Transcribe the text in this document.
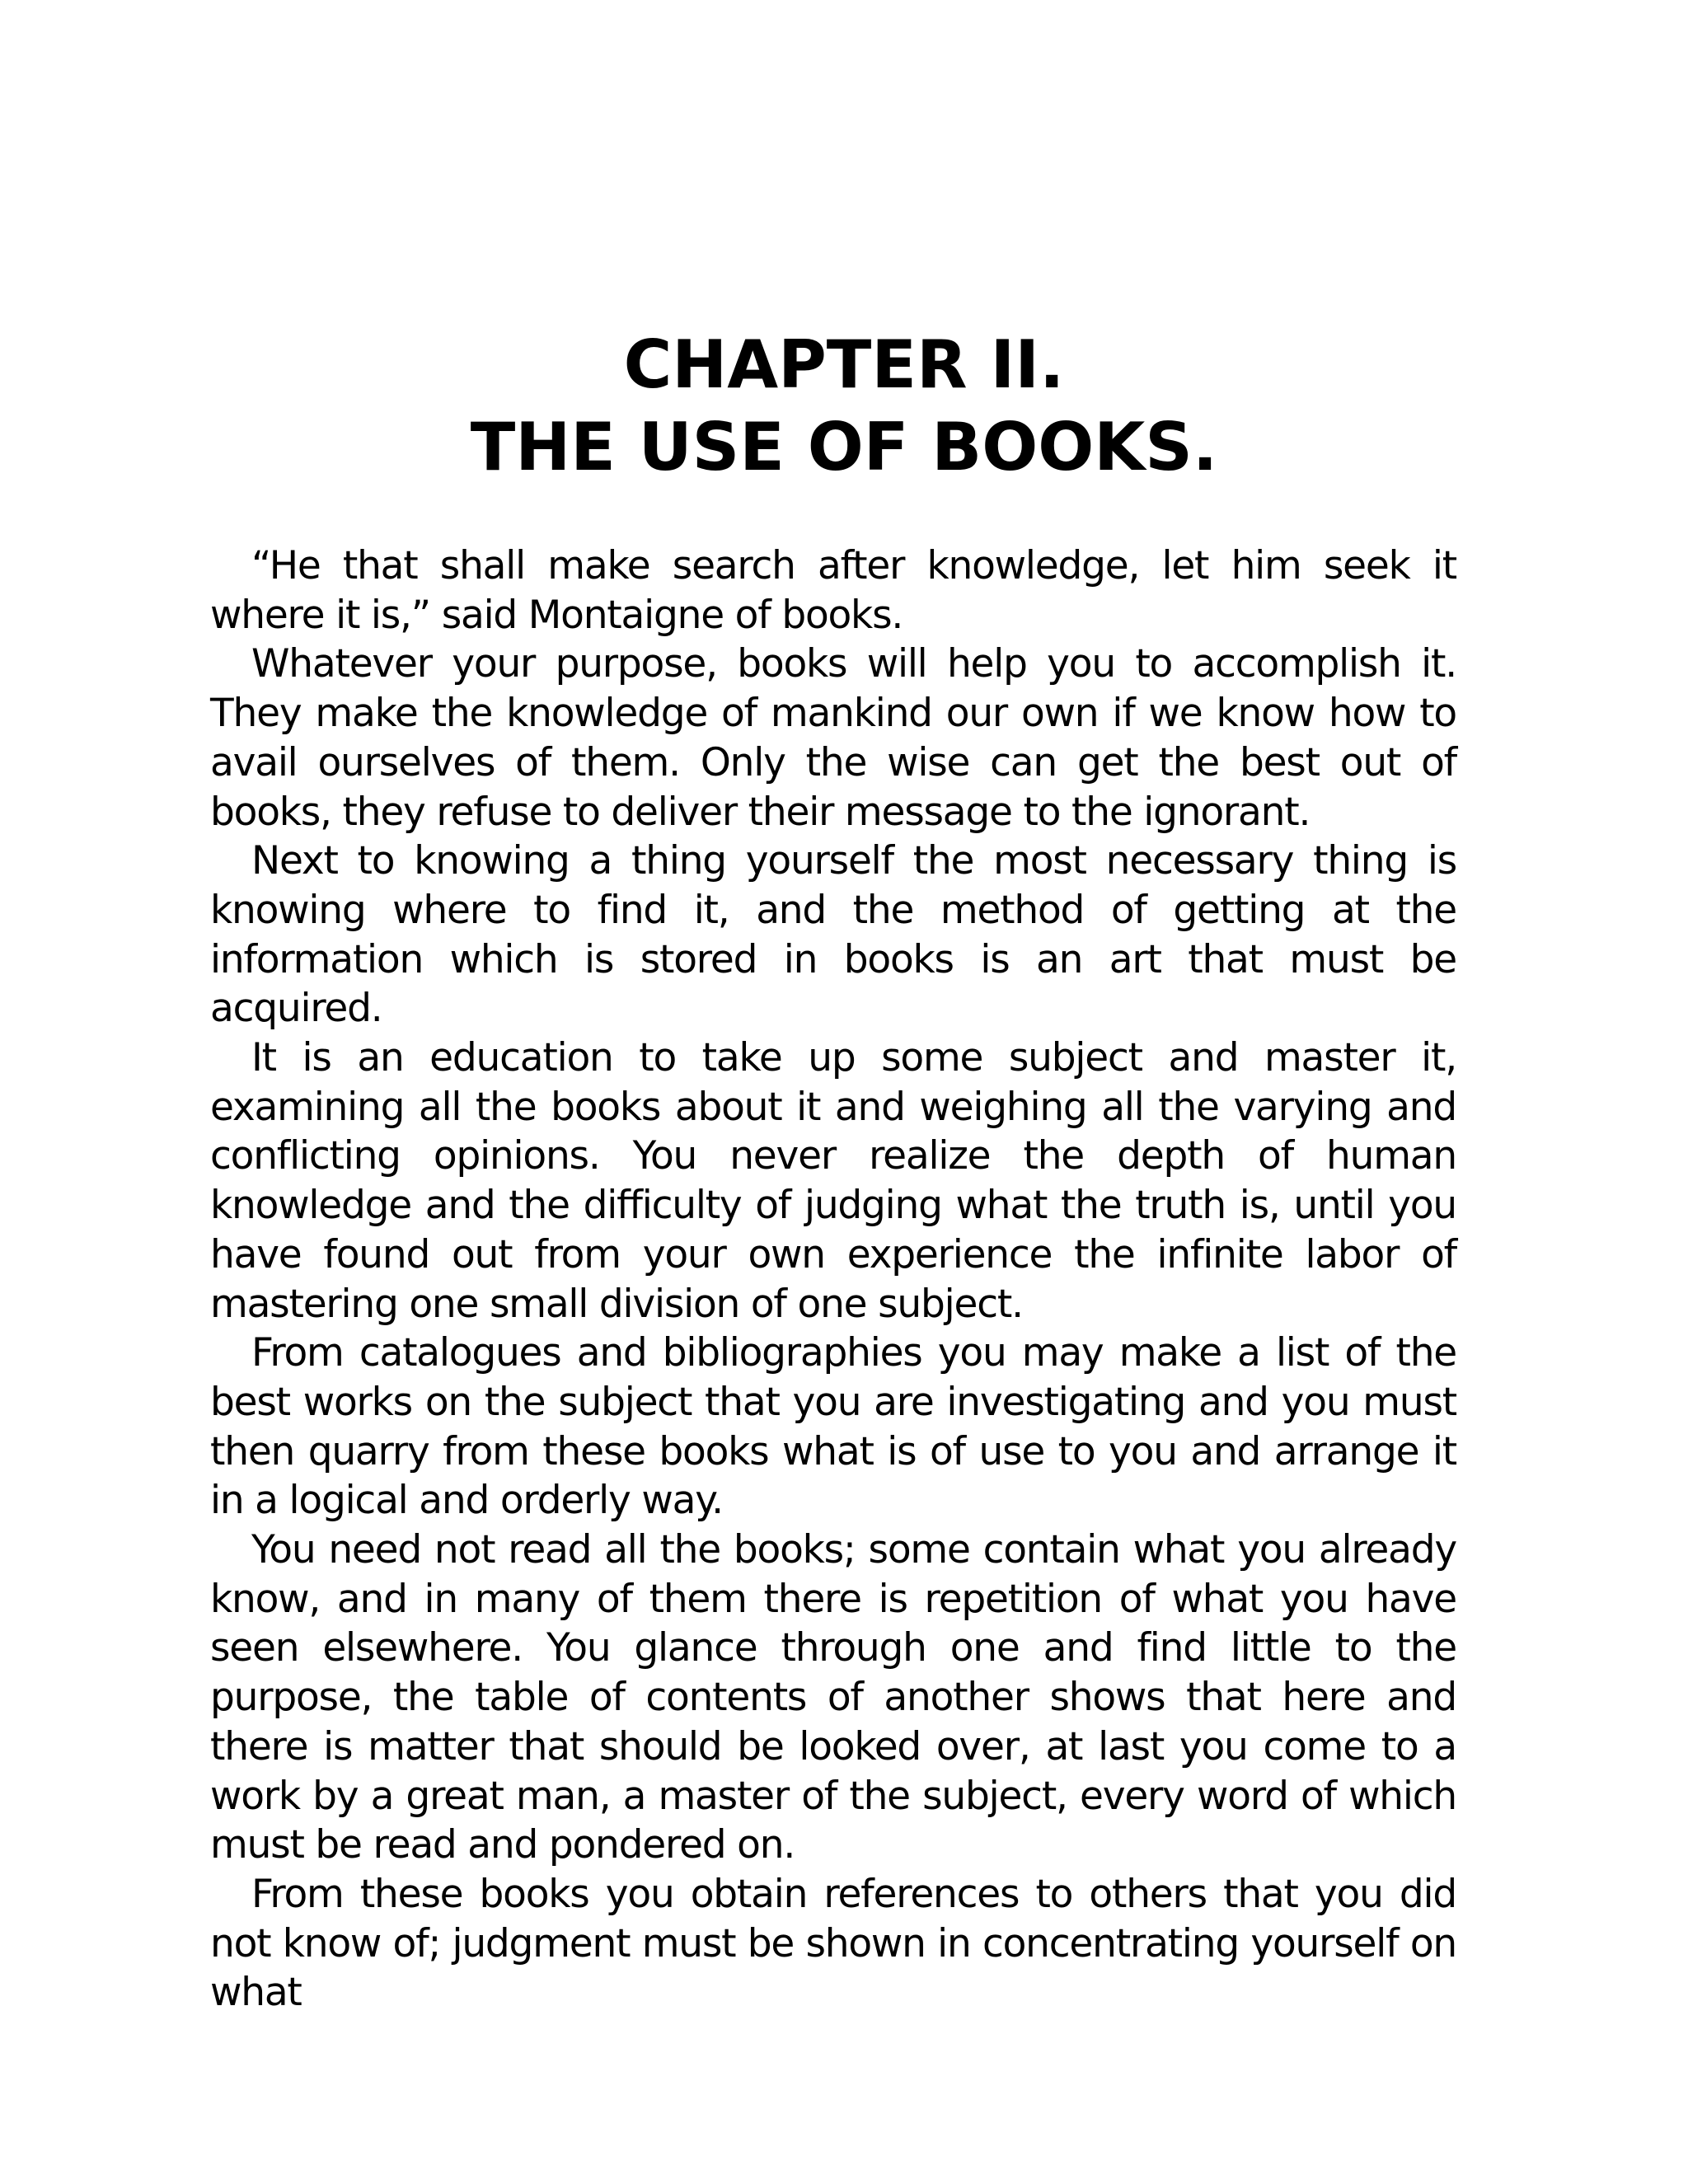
CHAPTER II.
THE USE OF BOOKS.

“He that shall make search after knowledge, let him seek it where it is,” said Montaigne of books.

Whatever your purpose, books will help you to accomplish it. They make the knowledge of mankind our own if we know how to avail ourselves of them. Only the wise can get the best out of books, they refuse to deliver their message to the ignorant.

Next to knowing a thing yourself the most necessary thing is knowing where to find it, and the method of getting at the information which is stored in books is an art that must be acquired.

It is an education to take up some subject and master it, examining all the books about it and weighing all the varying and conflicting opinions. You never realize the depth of human knowledge and the difficulty of judging what the truth is, until you have found out from your own experience the infinite labor of mastering one small division of one subject.

From catalogues and bibliographies you may make a list of the best works on the subject that you are investigating and you must then quarry from these books what is of use to you and arrange it in a logical and orderly way.

You need not read all the books; some contain what you already know, and in many of them there is repetition of what you have seen elsewhere. You glance through one and find little to the purpose, the table of contents of another shows that here and there is matter that should be looked over, at last you come to a work by a great man, a master of the subject, every word of which must be read and pondered on.

From these books you obtain references to others that you did not know of; judgment must be shown in concentrating yourself on what
